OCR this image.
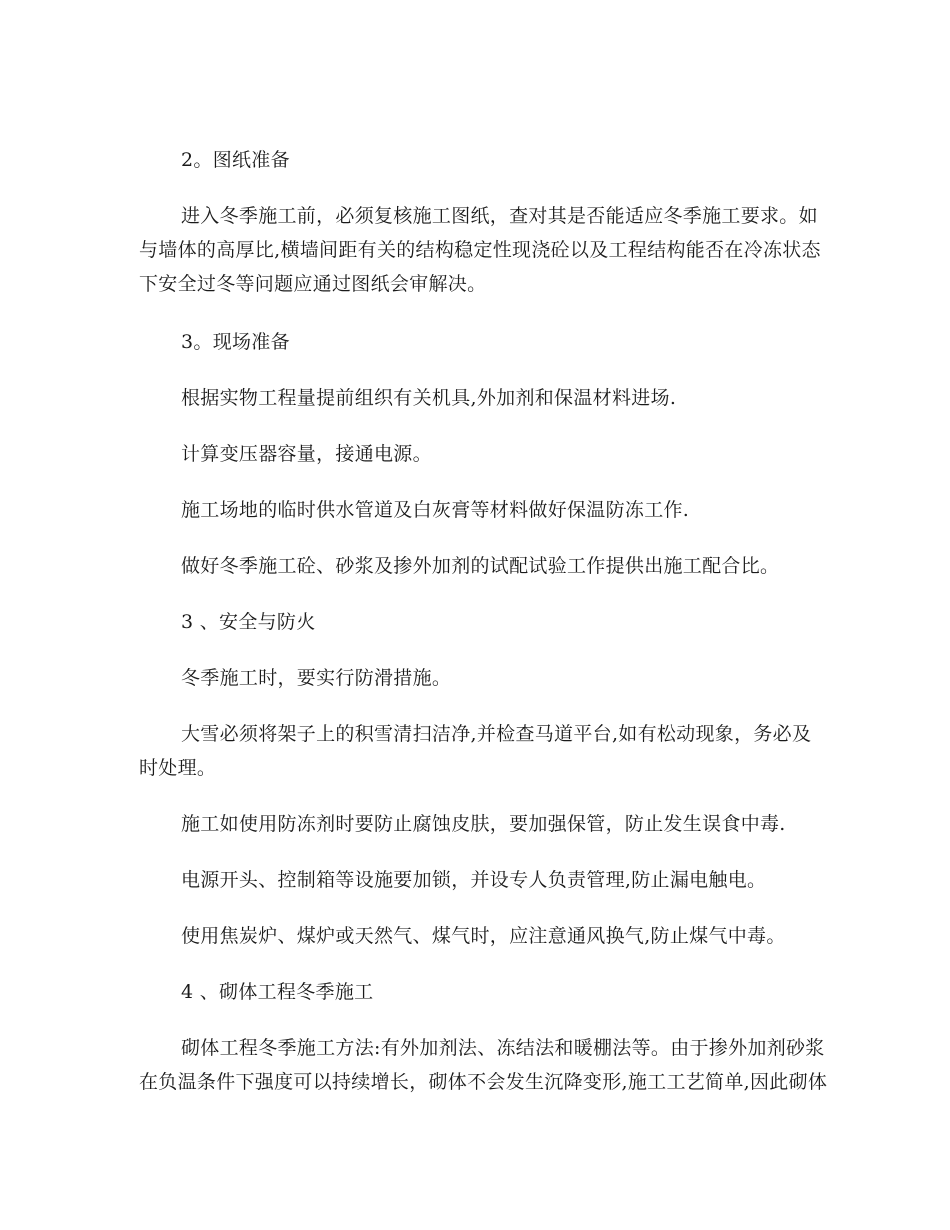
2。图纸准备
进入冬季施工前，必须复核施工图纸，查对其是否能适应冬季施工要求。如
与墙体的高厚比,横墙间距有关的结构稳定性现浇砼以及工程结构能否在冷冻状态
下安全过冬等问题应通过图纸会审解决。
3。现场准备
根据实物工程量提前组织有关机具,外加剂和保温材料进场.
计算变压器容量，接通电源。
施工场地的临时供水管道及白灰膏等材料做好保温防冻工作.
做好冬季施工砼、砂浆及掺外加剂的试配试验工作提供出施工配合比。
3 、安全与防火
冬季施工时，要实行防滑措施。
大雪必须将架子上的积雪清扫洁净,并检查马道平台,如有松动现象，务必及
时处理。
施工如使用防冻剂时要防止腐蚀皮肤，要加强保管，防止发生误食中毒.
电源开头、控制箱等设施要加锁，并设专人负责管理,防止漏电触电。
使用焦炭炉、煤炉或天然气、煤气时，应注意通风换气,防止煤气中毒。
4 、砌体工程冬季施工
砌体工程冬季施工方法:有外加剂法、冻结法和暖棚法等。由于掺外加剂砂浆
在负温条件下强度可以持续增长，砌体不会发生沉降变形,施工工艺简单,因此砌体
